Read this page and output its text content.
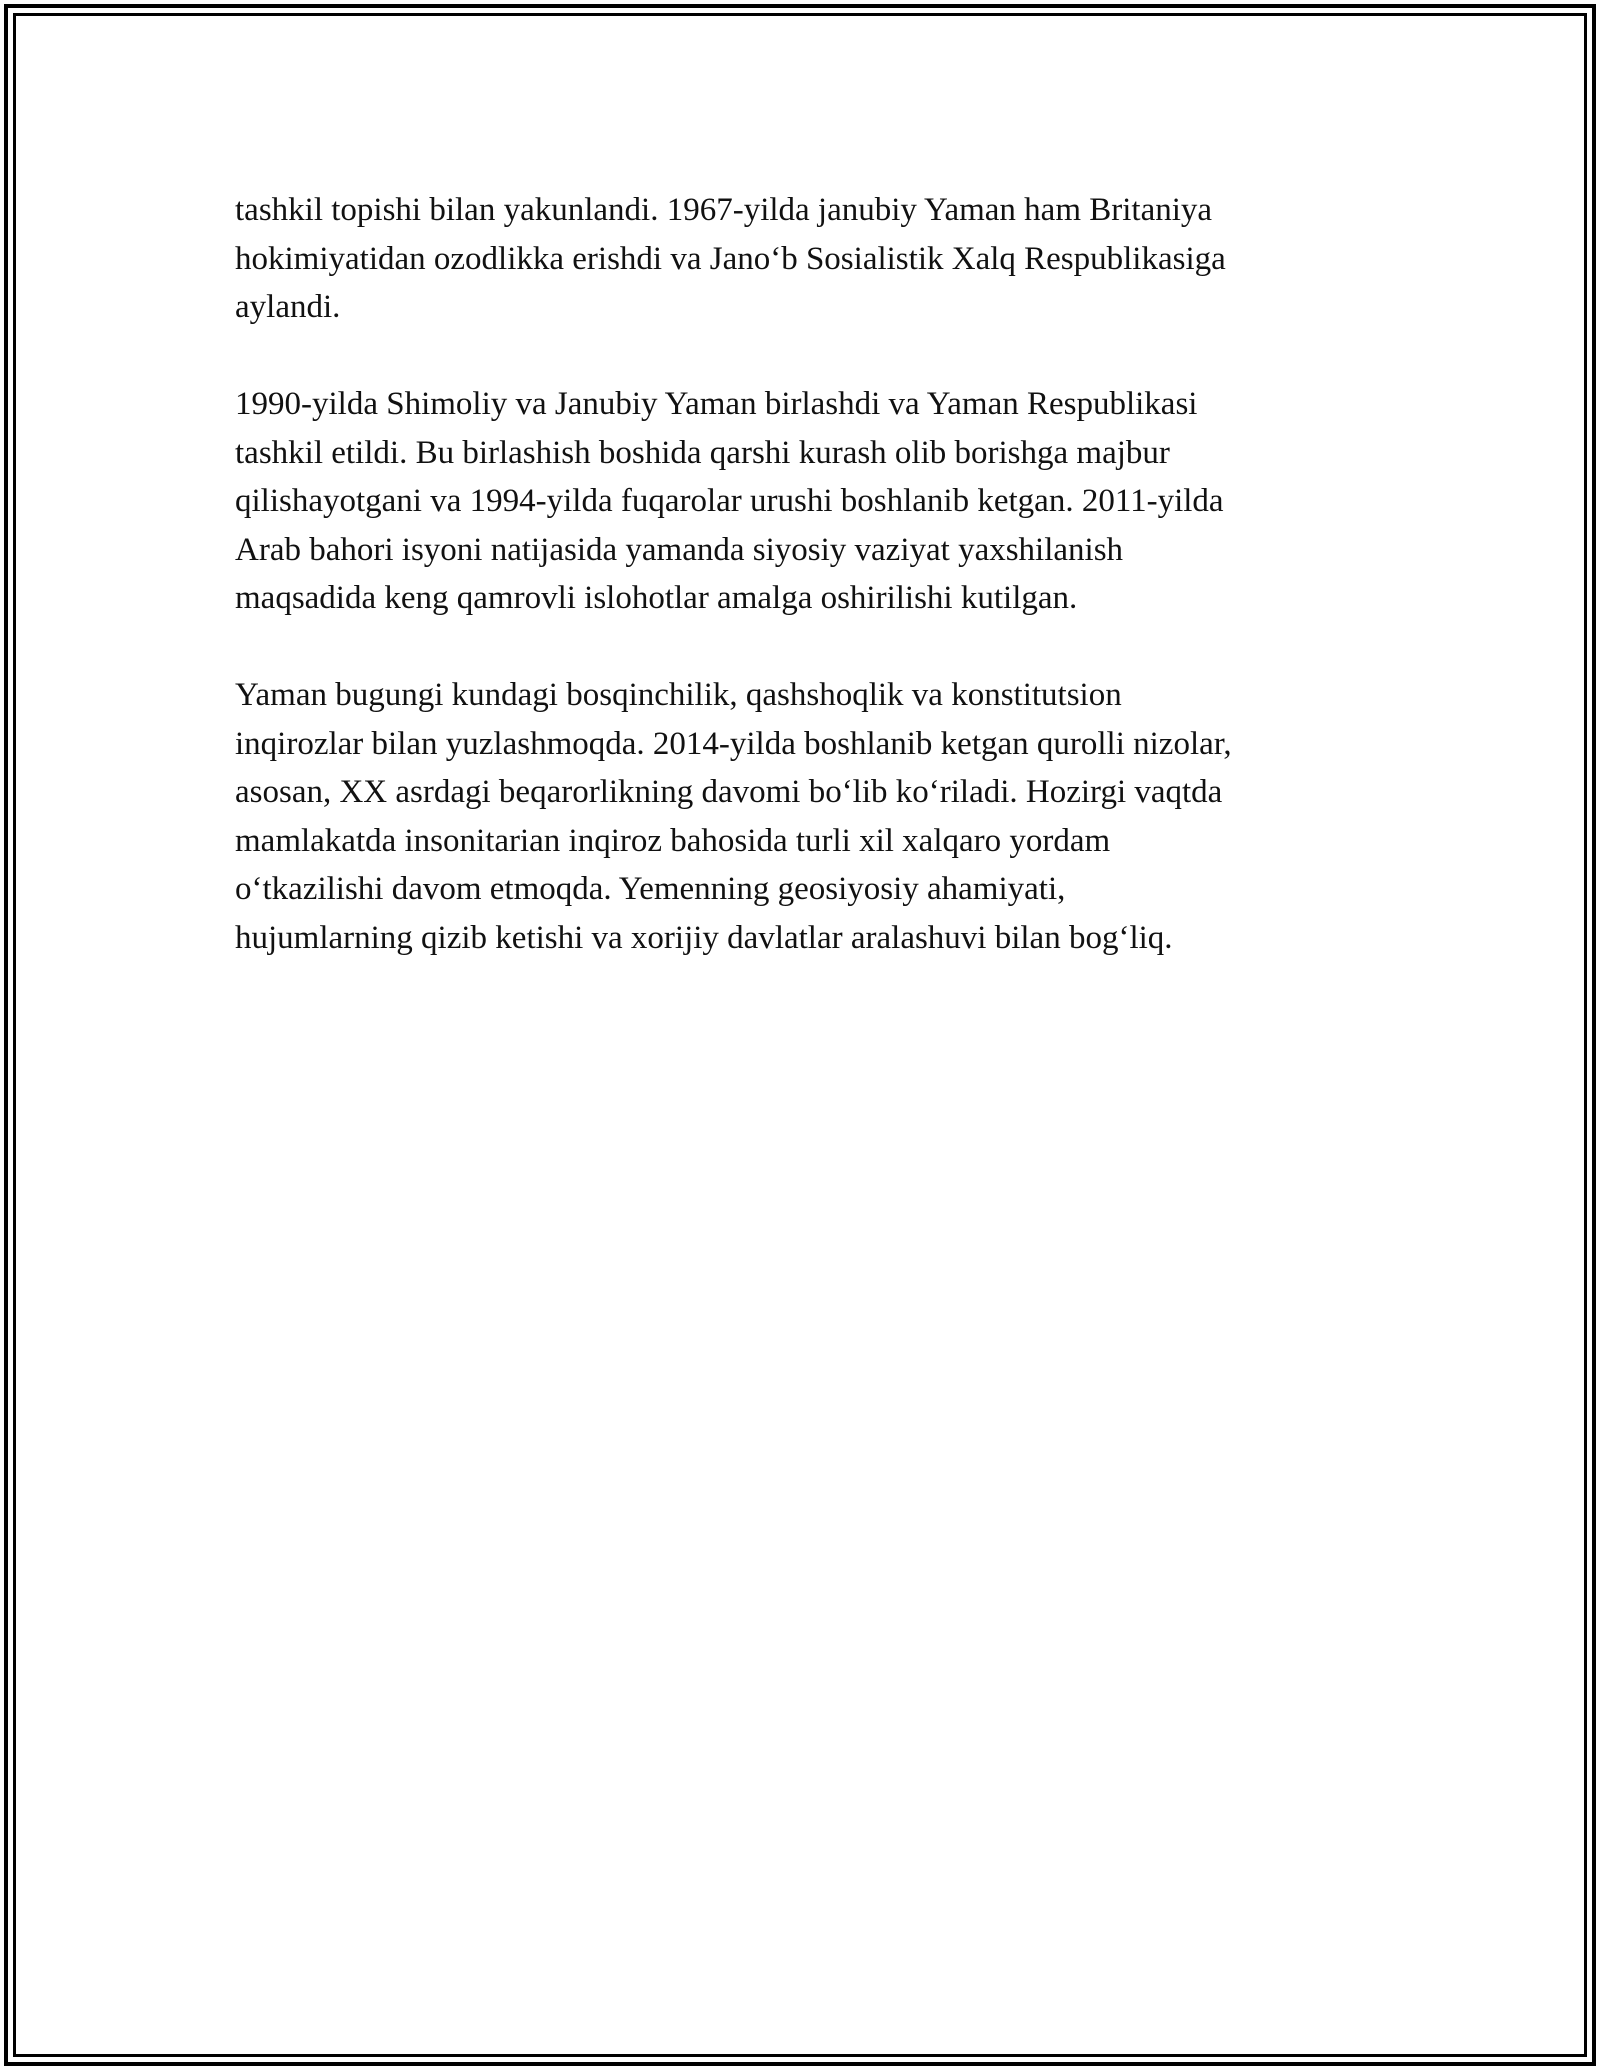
tashkil topishi bilan yakunlandi. 1967-yilda janubiy Yaman ham Britaniya
hokimiyatidan ozodlikka erishdi va Jano‘b Sosialistik Xalq Respublikasiga
aylandi.

1990-yilda Shimoliy va Janubiy Yaman birlashdi va Yaman Respublikasi
tashkil etildi. Bu birlashish boshida qarshi kurash olib borishga majbur
qilishayotgani va 1994-yilda fuqarolar urushi boshlanib ketgan. 2011-yilda
Arab bahori isyoni natijasida yamanda siyosiy vaziyat yaxshilanish
maqsadida keng qamrovli islohotlar amalga oshirilishi kutilgan.

Yaman bugungi kundagi bosqinchilik, qashshoqlik va konstitutsion
inqirozlar bilan yuzlashmoqda. 2014-yilda boshlanib ketgan qurolli nizolar,
asosan, XX asrdagi beqarorlikning davomi bo‘lib ko‘riladi. Hozirgi vaqtda
mamlakatda insonitarian inqiroz bahosida turli xil xalqaro yordam
o‘tkazilishi davom etmoqda. Yemenning geosiyosiy ahamiyati,
hujumlarning qizib ketishi va xorijiy davlatlar aralashuvi bilan bog‘liq.
